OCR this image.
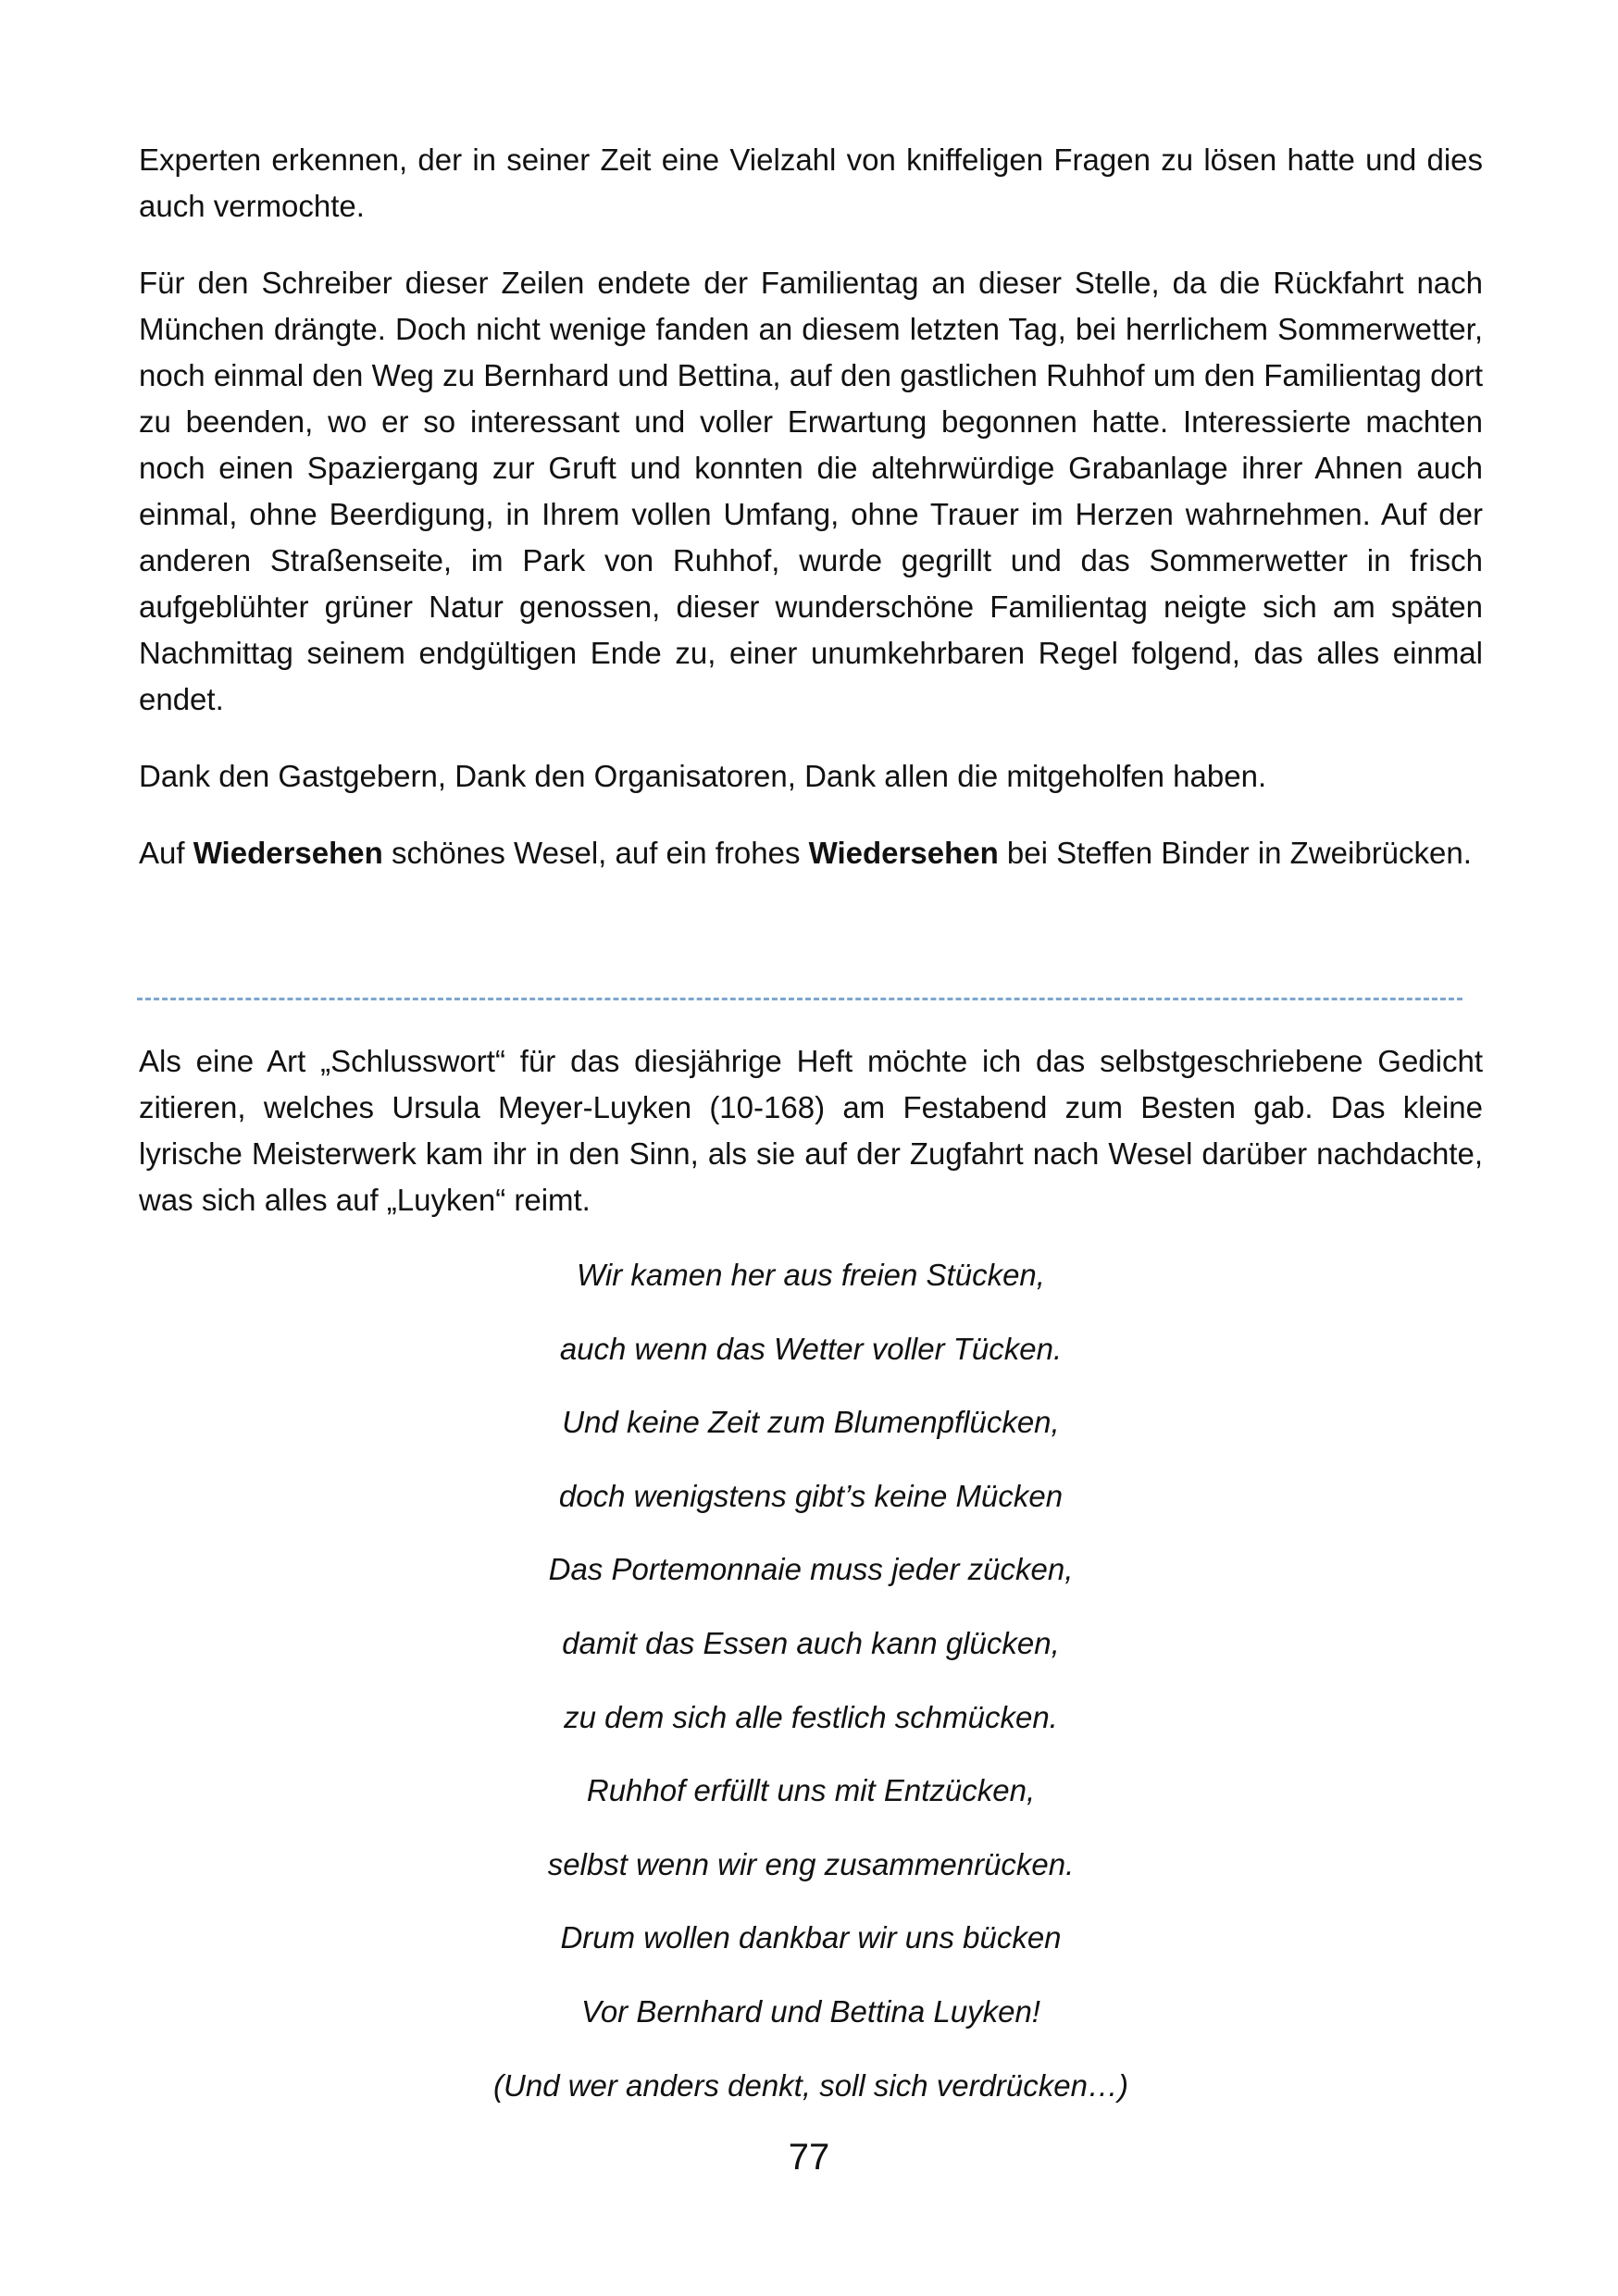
Experten erkennen, der in seiner Zeit eine Vielzahl von kniffeligen Fragen zu lösen hatte und dies auch vermochte.

Für den Schreiber dieser Zeilen endete der Familientag an dieser Stelle, da die Rückfahrt nach München drängte. Doch nicht wenige fanden an diesem letzten Tag, bei herrlichem Sommerwetter, noch einmal den Weg zu Bernhard und Bettina, auf den gastlichen Ruhhof um den Familientag dort zu beenden, wo er so interessant und voller Erwartung begonnen hatte. Interessierte machten noch einen Spaziergang zur Gruft und konnten die altehrwürdige Grabanlage ihrer Ahnen auch einmal, ohne Beerdigung, in Ihrem vollen Umfang, ohne Trauer im Herzen wahrnehmen. Auf der anderen Straßenseite, im Park von Ruhhof, wurde gegrillt und das Sommerwetter in frisch aufgeblühter grüner Natur genossen, dieser wunderschöne Familientag neigte sich am späten Nachmittag seinem endgültigen Ende zu, einer unumkehrbaren Regel folgend, das alles einmal endet.

Dank den Gastgebern, Dank den Organisatoren, Dank allen die mitgeholfen haben.

Auf Wiedersehen schönes Wesel, auf ein frohes Wiedersehen bei Steffen Binder in Zweibrücken.

Als eine Art „Schlusswort“ für das diesjährige Heft möchte ich das selbstgeschriebene Gedicht zitieren, welches Ursula Meyer-Luyken (10-168) am Festabend zum Besten gab. Das kleine lyrische Meisterwerk kam ihr in den Sinn, als sie auf der Zugfahrt nach Wesel darüber nachdachte, was sich alles auf „Luyken“ reimt.

Wir kamen her aus freien Stücken,
auch wenn das Wetter voller Tücken.
Und keine Zeit zum Blumenpflücken,
doch wenigstens gibt’s keine Mücken
Das Portemonnaie muss jeder zücken,
damit das Essen auch kann glücken,
zu dem sich alle festlich schmücken.
Ruhhof erfüllt uns mit Entzücken,
selbst wenn wir eng zusammenrücken.
Drum wollen dankbar wir uns bücken
Vor Bernhard und Bettina Luyken!
(Und wer anders denkt, soll sich verdrücken…)
77
